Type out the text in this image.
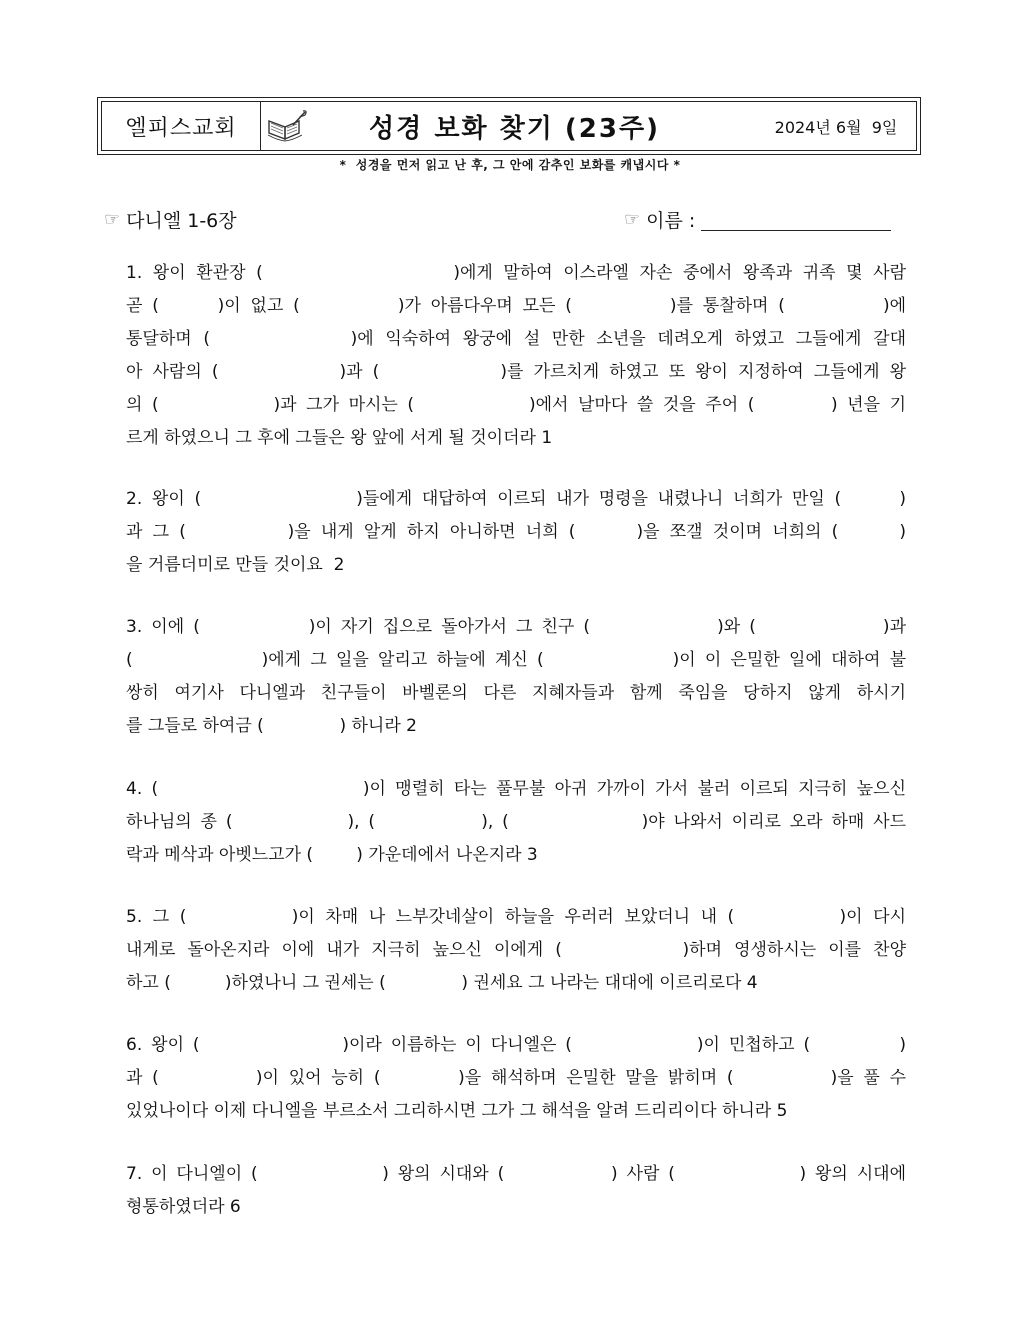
엘피스교회	성경 보화 찾기 (23주)	2024년 6월  9일
*  성경을 먼저 읽고 난 후, 그 안에 감추인 보화를 캐냅시다 *
☞ 다니엘 1-6장	☞ 이름 :
1. 왕이 환관장 (                  )에게 말하여 이스라엘 자손 중에서 왕족과 귀족 몇 사람
곧 (      )이 없고 (          )가 아름다우며 모든 (          )를 통찰하며 (          )에
통달하며 (            )에 익숙하여 왕궁에 설 만한 소년을 데려오게 하였고 그들에게 갈대
아 사람의 (            )과 (            )를 가르치게 하였고 또 왕이 지정하여 그들에게 왕
의 (            )과 그가 마시는 (            )에서 날마다 쓸 것을 주어 (        ) 년을 기
르게 하였으니 그 후에 그들은 왕 앞에 서게 될 것이더라 1
2. 왕이 (                )들에게 대답하여 이르되 내가 명령을 내렸나니 너희가 만일 (      )
과 그 (          )을 내게 알게 하지 아니하면 너희 (      )을 쪼갤 것이며 너희의 (      )
을 거름더미로 만들 것이요  2
3. 이에 (            )이 자기 집으로 돌아가서 그 친구 (              )와 (              )과
(              )에게 그 일을 알리고 하늘에 계신 (              )이 이 은밀한 일에 대하여 불
쌍히 여기사 다니엘과 친구들이 바벨론의 다른 지혜자들과 함께 죽임을 당하지 않게 하시기
를 그들로 하여금 (              ) 하니라 2
4. (                      )이 맹렬히 타는 풀무불 아귀 가까이 가서 불러 이르되 지극히 높으신
하나님의 종 (             ), (            ), (               )야 나와서 이리로 오라 하매 사드
락과 메삭과 아벳느고가 (        ) 가운데에서 나온지라 3
5. 그 (          )이 차매 나 느부갓네살이 하늘을 우러러 보았더니 내 (          )이 다시
내게로 돌아온지라 이에 내가 지극히 높으신 이에게 (          )하며 영생하시는 이를 찬양
하고 (          )하였나니 그 권세는 (              ) 권세요 그 나라는 대대에 이르리로다 4
6. 왕이 (                )이라 이름하는 이 다니엘은 (              )이 민첩하고 (          )
과 (          )이 있어 능히 (        )을 해석하며 은밀한 말을 밝히며 (          )을 풀 수
있었나이다 이제 다니엘을 부르소서 그리하시면 그가 그 해석을 알려 드리리이다 하니라 5
7. 이 다니엘이 (              ) 왕의 시대와 (            ) 사람 (              ) 왕의 시대에
형통하였더라 6
